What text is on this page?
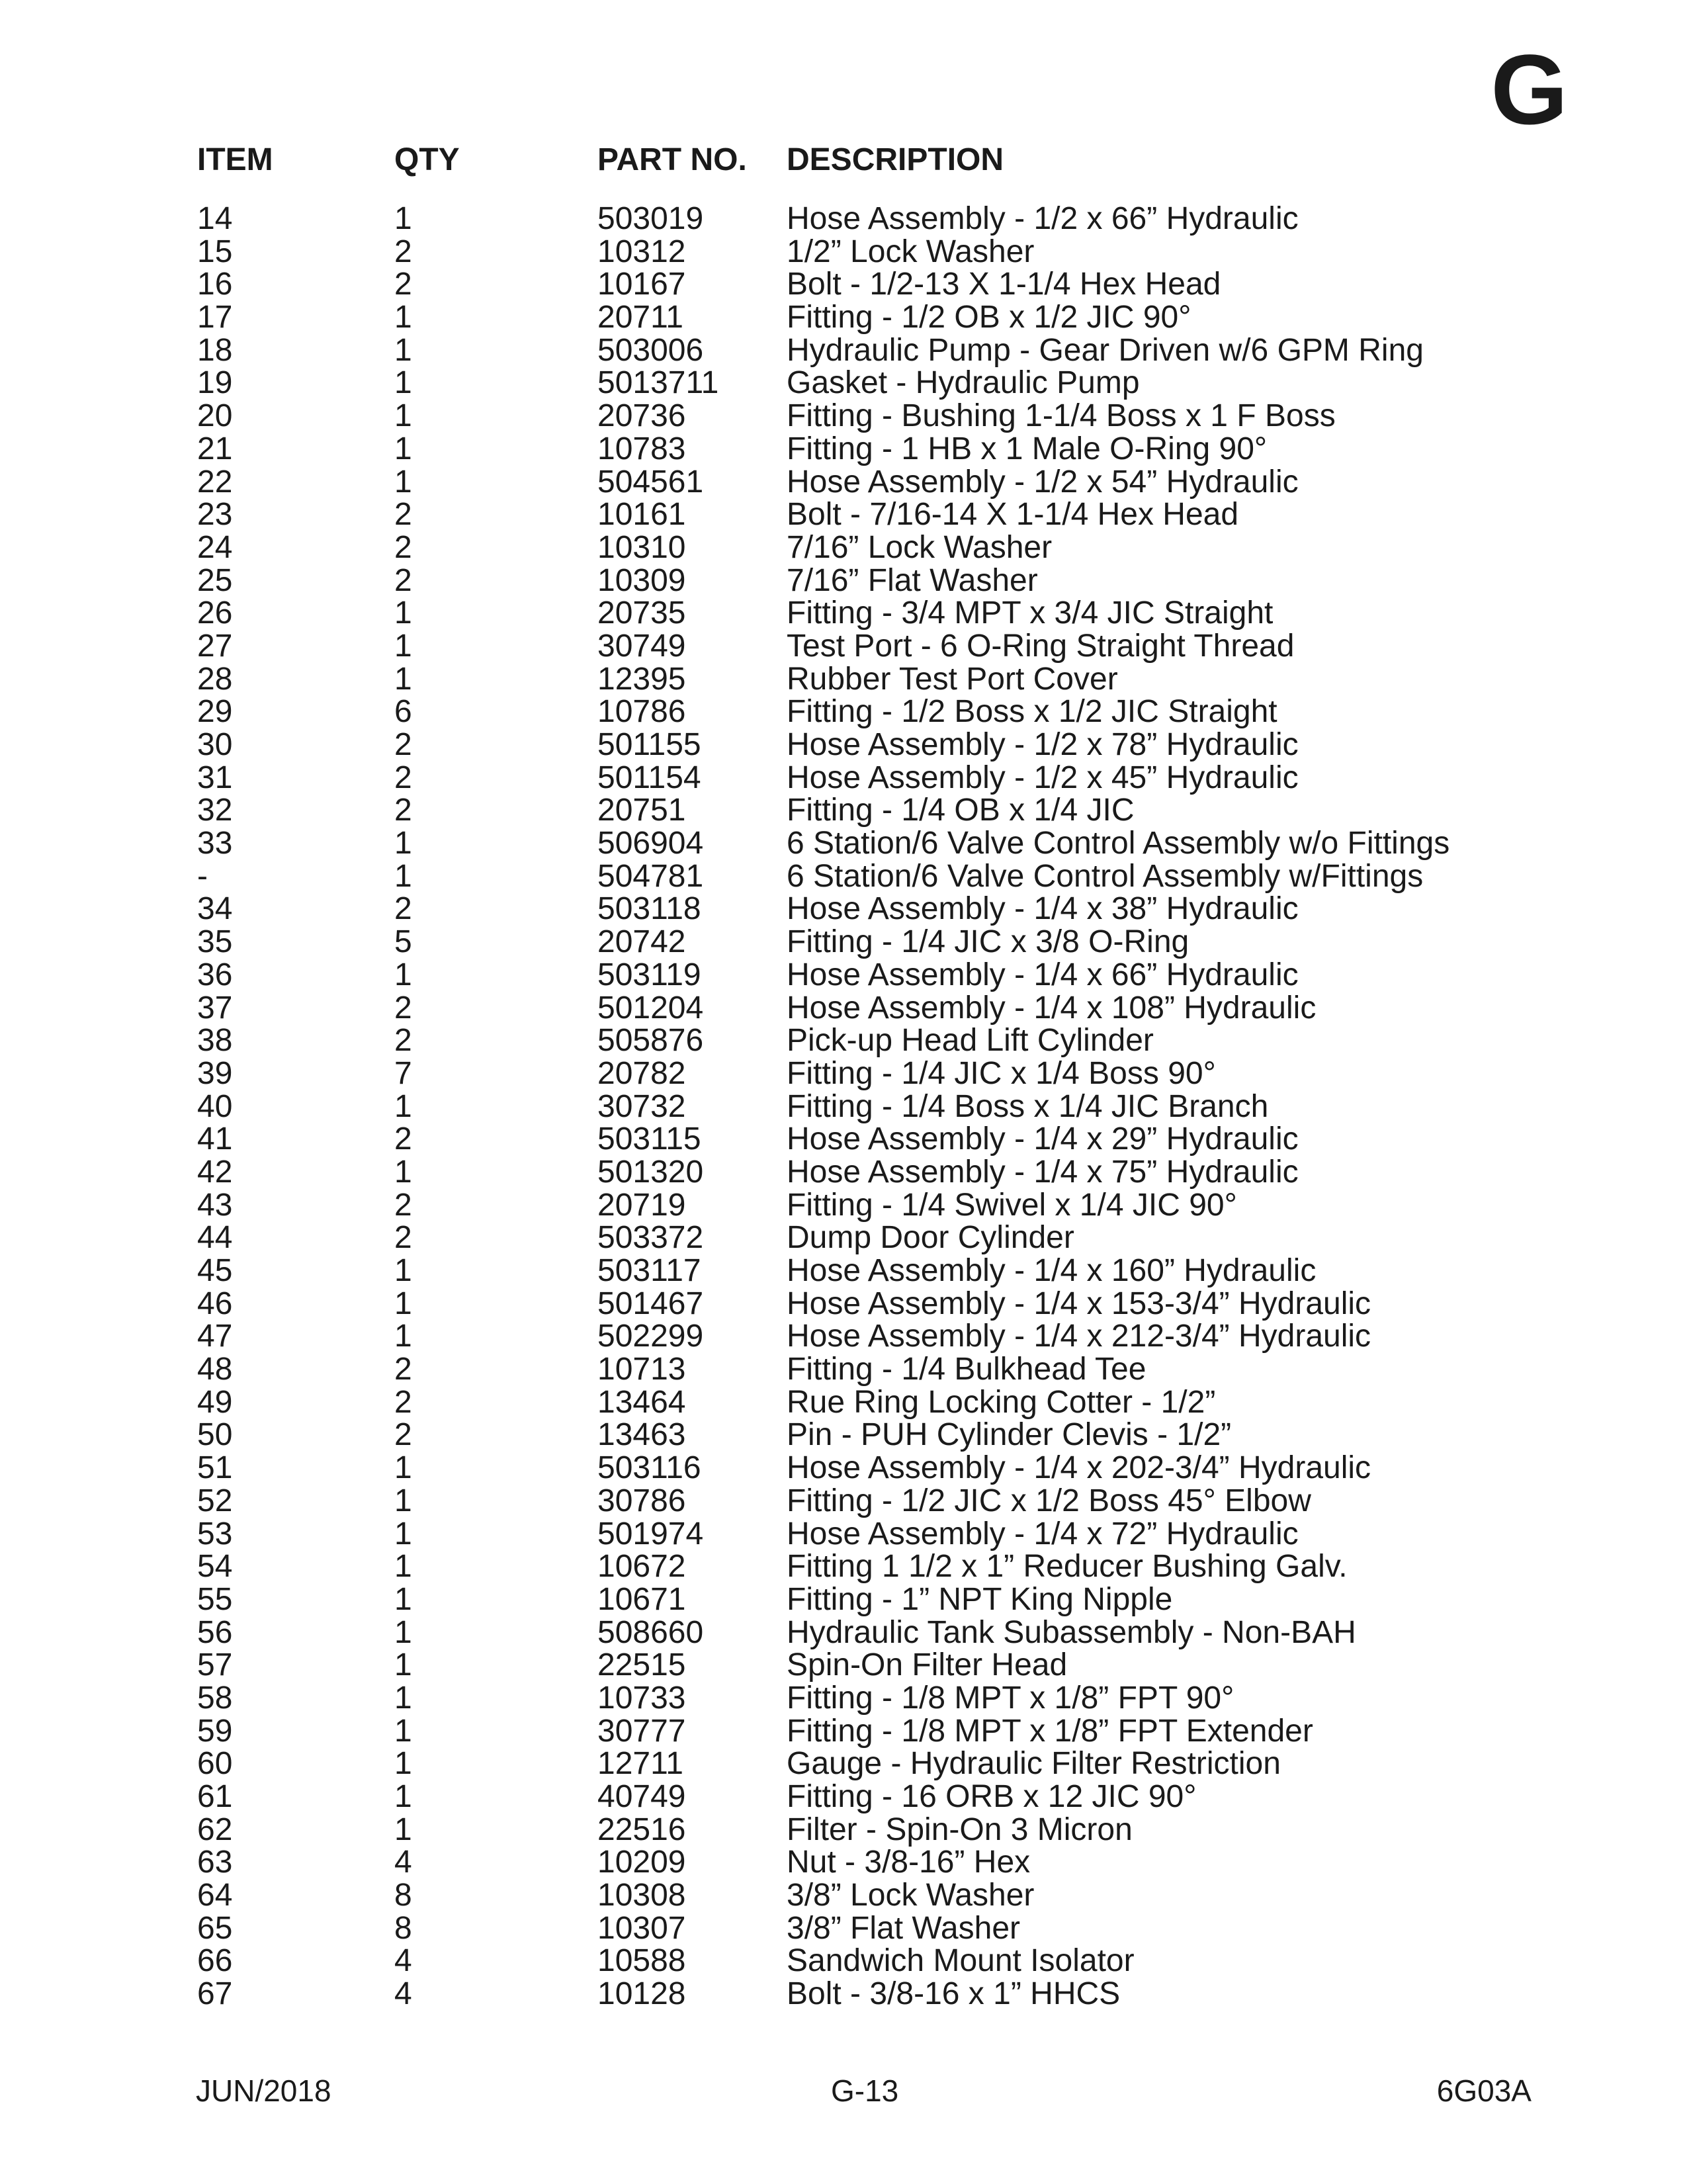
G
ITEM	QTY	PART NO.	DESCRIPTION
14	1	503019	Hose Assembly - 1/2 x 66” Hydraulic
15	2	10312	1/2” Lock Washer
16	2	10167	Bolt - 1/2-13 X 1-1/4 Hex Head
17	1	20711	Fitting - 1/2 OB x 1/2 JIC 90°
18	1	503006	Hydraulic Pump - Gear Driven w/6 GPM Ring
19	1	5013711	Gasket - Hydraulic Pump
20	1	20736	Fitting - Bushing 1-1/4 Boss x 1 F Boss
21	1	10783	Fitting - 1 HB x 1 Male O-Ring 90°
22	1	504561	Hose Assembly - 1/2 x 54” Hydraulic
23	2	10161	Bolt - 7/16-14 X 1-1/4 Hex Head
24	2	10310	7/16” Lock Washer
25	2	10309	7/16” Flat Washer
26	1	20735	Fitting - 3/4 MPT x 3/4 JIC Straight
27	1	30749	Test Port - 6 O-Ring Straight Thread
28	1	12395	Rubber Test Port Cover
29	6	10786	Fitting - 1/2 Boss x 1/2 JIC Straight
30	2	501155	Hose Assembly - 1/2 x 78” Hydraulic
31	2	501154	Hose Assembly - 1/2 x 45” Hydraulic
32	2	20751	Fitting - 1/4 OB x 1/4 JIC
33	1	506904	6 Station/6 Valve Control Assembly w/o Fittings
-	1	504781	6 Station/6 Valve Control Assembly w/Fittings
34	2	503118	Hose Assembly - 1/4 x 38” Hydraulic
35	5	20742	Fitting - 1/4 JIC x 3/8 O-Ring
36	1	503119	Hose Assembly - 1/4 x 66” Hydraulic
37	2	501204	Hose Assembly - 1/4 x 108” Hydraulic
38	2	505876	Pick-up Head Lift Cylinder
39	7	20782	Fitting - 1/4 JIC x 1/4 Boss 90°
40	1	30732	Fitting - 1/4 Boss x 1/4 JIC Branch
41	2	503115	Hose Assembly - 1/4 x 29” Hydraulic
42	1	501320	Hose Assembly - 1/4 x 75” Hydraulic
43	2	20719	Fitting - 1/4 Swivel x 1/4 JIC 90°
44	2	503372	Dump Door Cylinder
45	1	503117	Hose Assembly - 1/4 x 160” Hydraulic
46	1	501467	Hose Assembly - 1/4 x 153-3/4” Hydraulic
47	1	502299	Hose Assembly - 1/4 x 212-3/4” Hydraulic
48	2	10713	Fitting - 1/4 Bulkhead Tee
49	2	13464	Rue Ring Locking Cotter - 1/2”
50	2	13463	Pin - PUH Cylinder Clevis - 1/2”
51	1	503116	Hose Assembly - 1/4 x 202-3/4” Hydraulic
52	1	30786	Fitting - 1/2 JIC x 1/2 Boss 45° Elbow
53	1	501974	Hose Assembly - 1/4 x 72” Hydraulic
54	1	10672	Fitting 1 1/2 x 1” Reducer Bushing Galv.
55	1	10671	Fitting - 1” NPT King Nipple
56	1	508660	Hydraulic Tank Subassembly - Non-BAH
57	1	22515	Spin-On Filter Head
58	1	10733	Fitting - 1/8 MPT x 1/8” FPT 90°
59	1	30777	Fitting - 1/8 MPT x 1/8” FPT Extender
60	1	12711	Gauge - Hydraulic Filter Restriction
61	1	40749	Fitting - 16 ORB x 12 JIC 90°
62	1	22516	Filter - Spin-On 3 Micron
63	4	10209	Nut - 3/8-16” Hex
64	8	10308	3/8” Lock Washer
65	8	10307	3/8” Flat Washer
66	4	10588	Sandwich Mount Isolator
67	4	10128	Bolt - 3/8-16 x 1” HHCS
JUN/2018	G-13	6G03A
